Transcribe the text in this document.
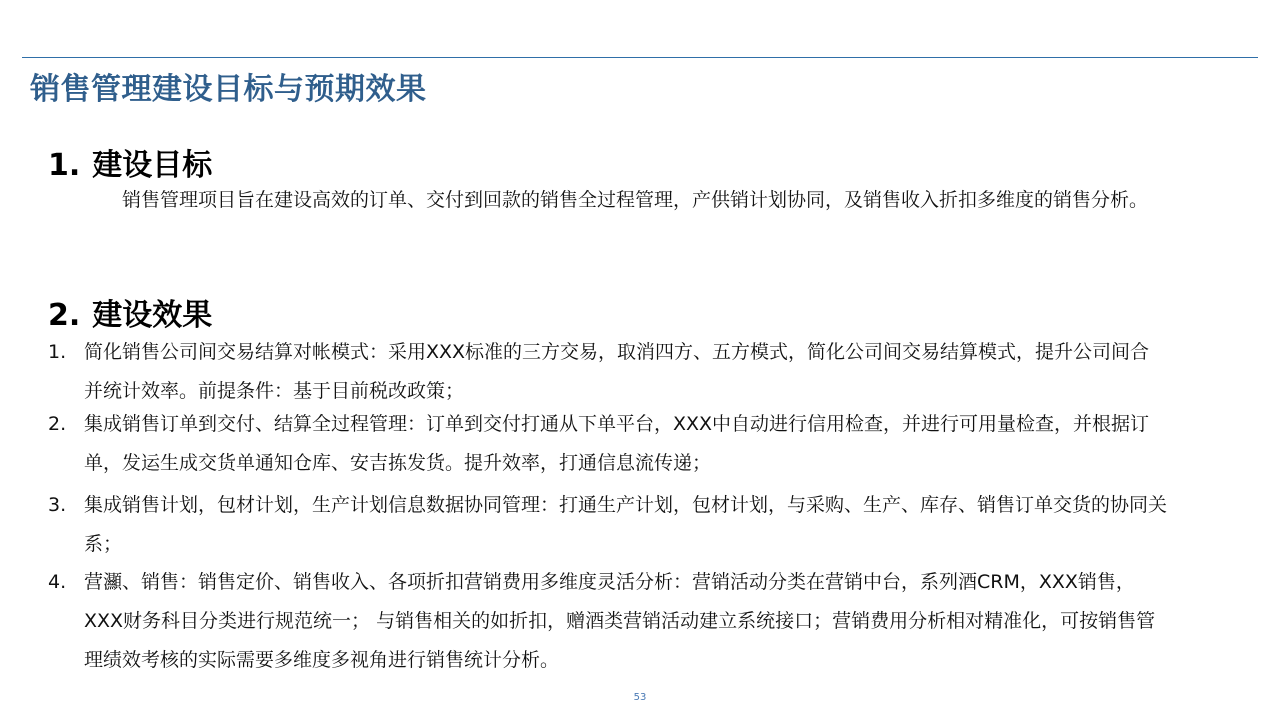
销售管理建设目标与预期效果
1. 建设目标
销售管理项目旨在建设高效的订单、交付到回款的销售全过程管理，产供销计划协同，及销售收入折扣多维度的销售分析。
2. 建设效果
1. 简化销售公司间交易结算对帐模式：采用XXX标准的三方交易，取消四方、五方模式，简化公司间交易结算模式，提升公司间合并统计效率。前提条件：基于目前税改政策；
2. 集成销售订单到交付、结算全过程管理：订单到交付打通从下单平台，XXX中自动进行信用检查，并进行可用量检查，并根据订单，发运生成交货单通知仓库、安吉拣发货。提升效率，打通信息流传递；
3. 集成销售计划，包材计划，生产计划信息数据协同管理：打通生产计划，包材计划，与采购、生产、库存、销售订单交货的协同关系；
4. 营灦、销售：销售定价、销售收入、各项折扣营销费用多维度灵活分析：营销活动分类在营销中台，系列酒CRM，XXX销售，XXX财务科目分类进行规范统一； 与销售相关的如折扣，赠酒类营销活动建立系统接口；营销费用分析相对精准化，可按销售管理绩效考核的实际需要多维度多视角进行销售统计分析。
53
